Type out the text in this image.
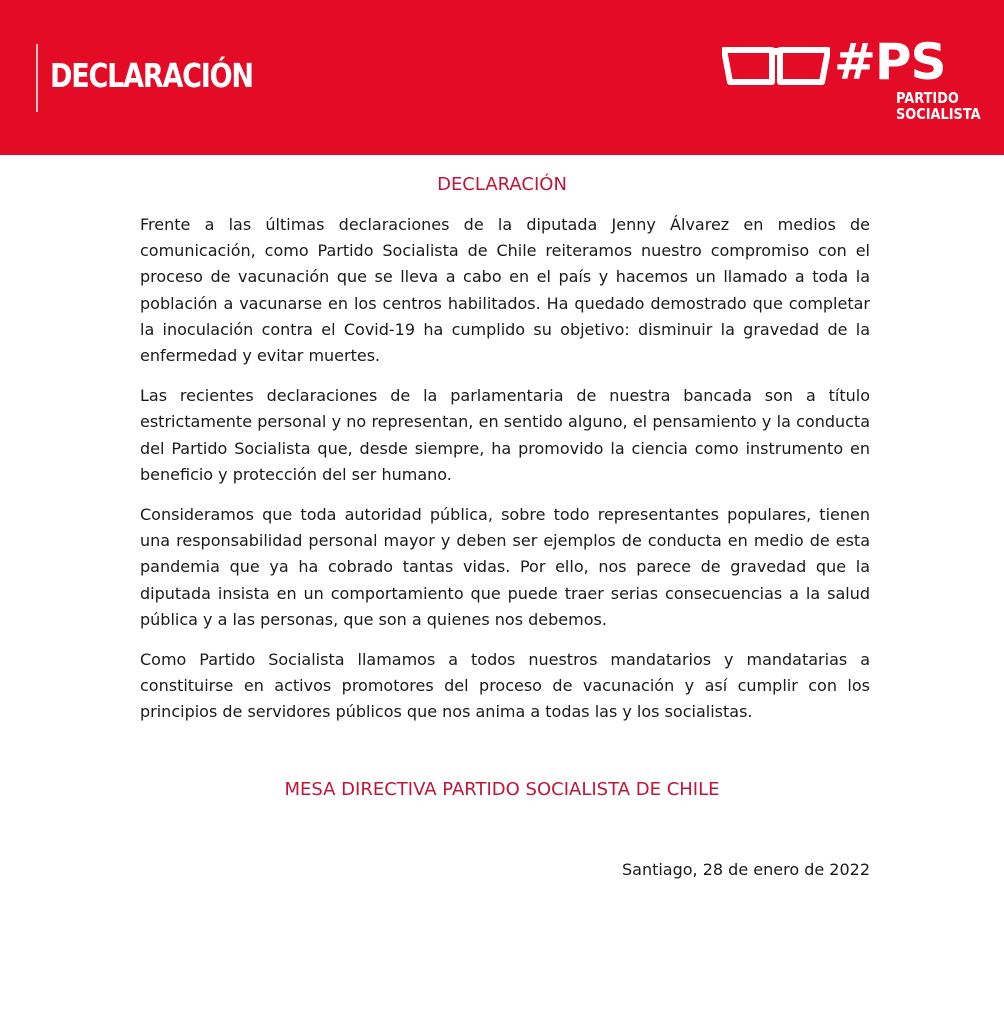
DECLARACIÓN	#PS
PARTIDO
SOCIALISTA
DECLARACIÓN

Frente a las últimas declaraciones de la diputada Jenny Álvarez en medios de comunicación, como Partido Socialista de Chile reiteramos nuestro compromiso con el proceso de vacunación que se lleva a cabo en el país y hacemos un llamado a toda la población a vacunarse en los centros habilitados. Ha quedado demostrado que completar la inoculación contra el Covid-19 ha cumplido su objetivo: disminuir la gravedad de la enfermedad y evitar muertes.

Las recientes declaraciones de la parlamentaria de nuestra bancada son a título estrictamente personal y no representan, en sentido alguno, el pensamiento y la conducta del Partido Socialista que, desde siempre, ha promovido la ciencia como instrumento en beneficio y protección del ser humano.

Consideramos que toda autoridad pública, sobre todo representantes populares, tienen una responsabilidad personal mayor y deben ser ejemplos de conducta en medio de esta pandemia que ya ha cobrado tantas vidas. Por ello, nos parece de gravedad que la diputada insista en un comportamiento que puede traer serias consecuencias a la salud pública y a las personas, que son a quienes nos debemos.

Como Partido Socialista llamamos a todos nuestros mandatarios y mandatarias a constituirse en activos promotores del proceso de vacunación y así cumplir con los principios de servidores públicos que nos anima a todas las y los socialistas.

MESA DIRECTIVA PARTIDO SOCIALISTA DE CHILE
Santiago, 28 de enero de 2022
